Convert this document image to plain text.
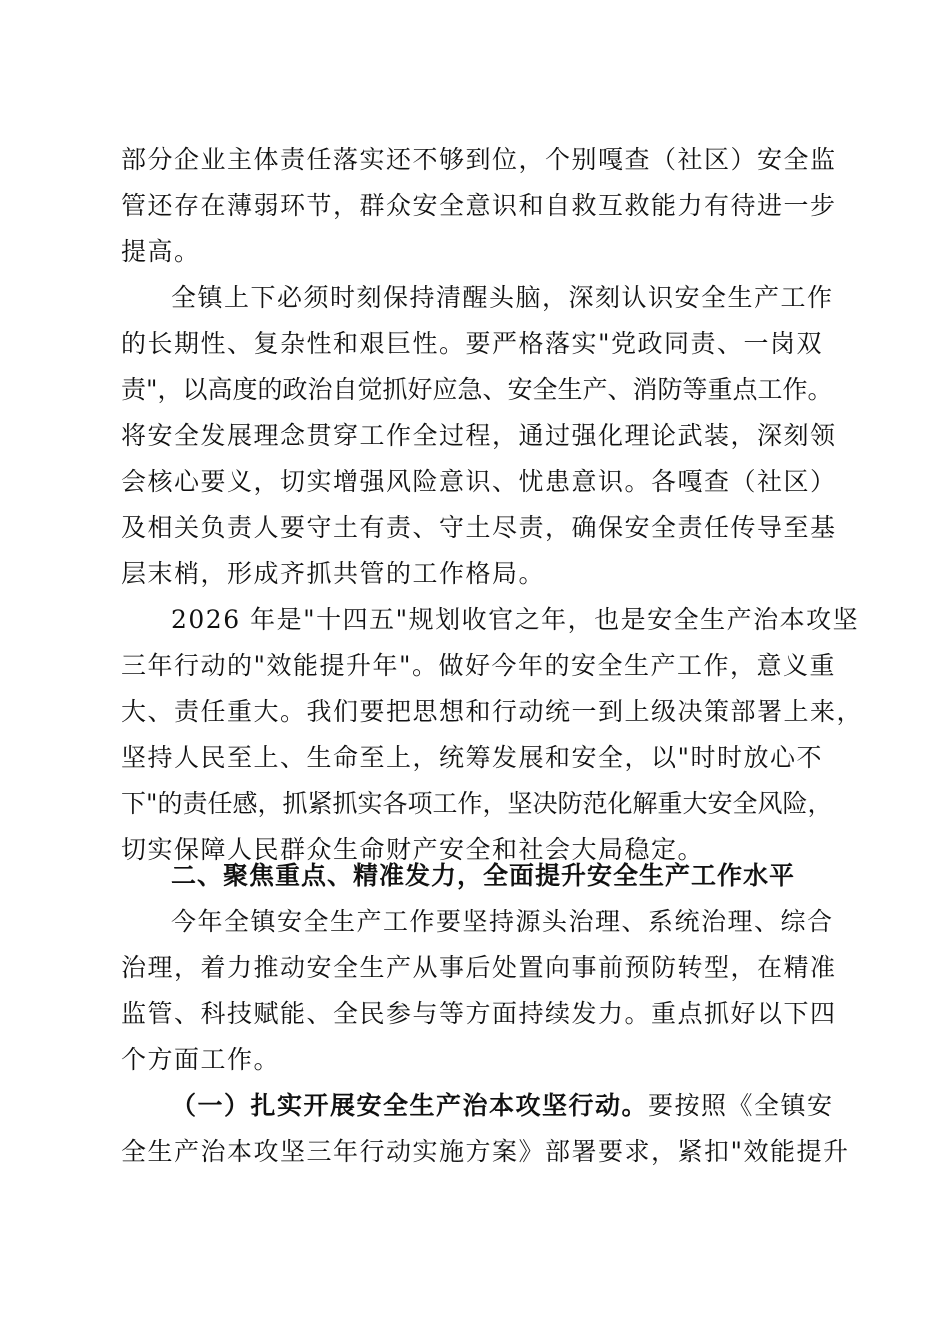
部分企业主体责任落实还不够到位，个别嘎查（社区）安全监
管还存在薄弱环节，群众安全意识和自救互救能力有待进一步
提高。
全镇上下必须时刻保持清醒头脑，深刻认识安全生产工作
的长期性、复杂性和艰巨性。要严格落实"党政同责、一岗双
责"，以高度的政治自觉抓好应急、安全生产、消防等重点工作。
将安全发展理念贯穿工作全过程，通过强化理论武装，深刻领
会核心要义，切实增强风险意识、忧患意识。各嘎查（社区）
及相关负责人要守土有责、守土尽责，确保安全责任传导至基
层末梢，形成齐抓共管的工作格局。
2026 年是"十四五"规划收官之年，也是安全生产治本攻坚
三年行动的"效能提升年"。做好今年的安全生产工作，意义重
大、责任重大。我们要把思想和行动统一到上级决策部署上来，
坚持人民至上、生命至上，统筹发展和安全，以"时时放心不
下"的责任感，抓紧抓实各项工作，坚决防范化解重大安全风险，
切实保障人民群众生命财产安全和社会大局稳定。
二、聚焦重点、精准发力，全面提升安全生产工作水平
今年全镇安全生产工作要坚持源头治理、系统治理、综合
治理，着力推动安全生产从事后处置向事前预防转型，在精准
监管、科技赋能、全民参与等方面持续发力。重点抓好以下四
个方面工作。
（一）扎实开展安全生产治本攻坚行动。要按照《全镇安
全生产治本攻坚三年行动实施方案》部署要求，紧扣"效能提升
